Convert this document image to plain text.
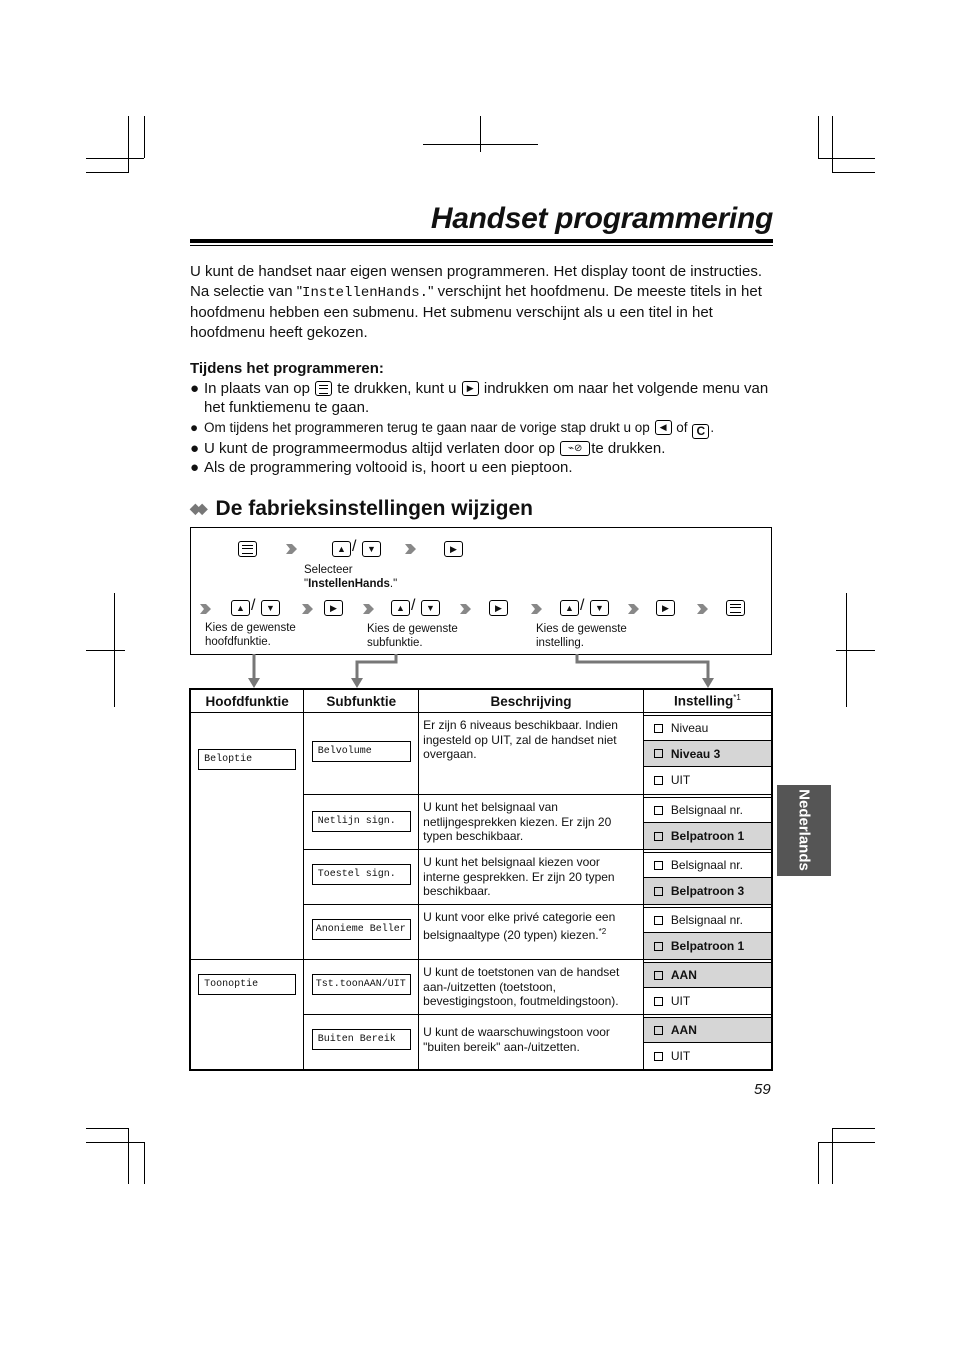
Handset programmering
U kunt de handset naar eigen wensen programmeren. Het display toont de instructies. Na selectie van "InstellenHands." verschijnt het hoofdmenu. De meeste titels in het hoofdmenu hebben een submenu. Het submenu verschijnt als u een titel in het hoofdmenu heeft gekozen.
Tijdens het programmeren:
● In plaats van op te drukken, kunt u	▶ indrukken om naar het volgende menu van het funktiemenu te gaan.
● Om tijdens het programmeren terug te gaan naar de vorige stap drukt u op	◀ of C .
● U kunt de programmeermodus altijd verlaten door op	⌁⊘ te drukken.
● Als de programmering voltooid is, hoort u een pieptoon.
◆◆ De fabrieksinstellingen wijzigen
▲ /	▼	▶
Selecteer
"InstellenHands."
▲ /	▼	▶	▲ /	▼	▶	▲ /	▼	▶
Kies de gewenste
hoofdfunktie.
Kies de gewenste
subfunktie.
Kies de gewenste
instelling.
Hoofdfunktie	Subfunktie	Beschrijving	Instelling$^{*1}$

Beloptie	Belvolume	Er zijn 6 niveaus beschikbaar. Indien ingesteld op UIT, zal de handset niet overgaan.	Niveau
Niveau 3
UIT

	Netlijn sign.	U kunt het belsignaal van netlijngesprekken kiezen. Er zijn 20 typen beschikbaar.	Belsignaal nr.
Belpatroon 1

	Toestel sign.	U kunt het belsignaal kiezen voor interne gesprekken. Er zijn 20 typen beschikbaar.	Belsignaal nr.
Belpatroon 3

	Anonieme Beller	U kunt voor elke privé categorie een belsignaaltype (20 typen) kiezen.$^{*2}$	Belsignaal nr.
Belpatroon 1

Toonoptie	Tst.toonAAN/UIT	U kunt de toetstonen van de handset aan-/uitzetten (toetstoon, bevestigingstoon, foutmeldingstoon).	AAN
UIT

	Buiten Bereik	U kunt de waarschuwingstoon voor "buiten bereik" aan-/uitzetten.	AAN
UIT
59
Nederlands
